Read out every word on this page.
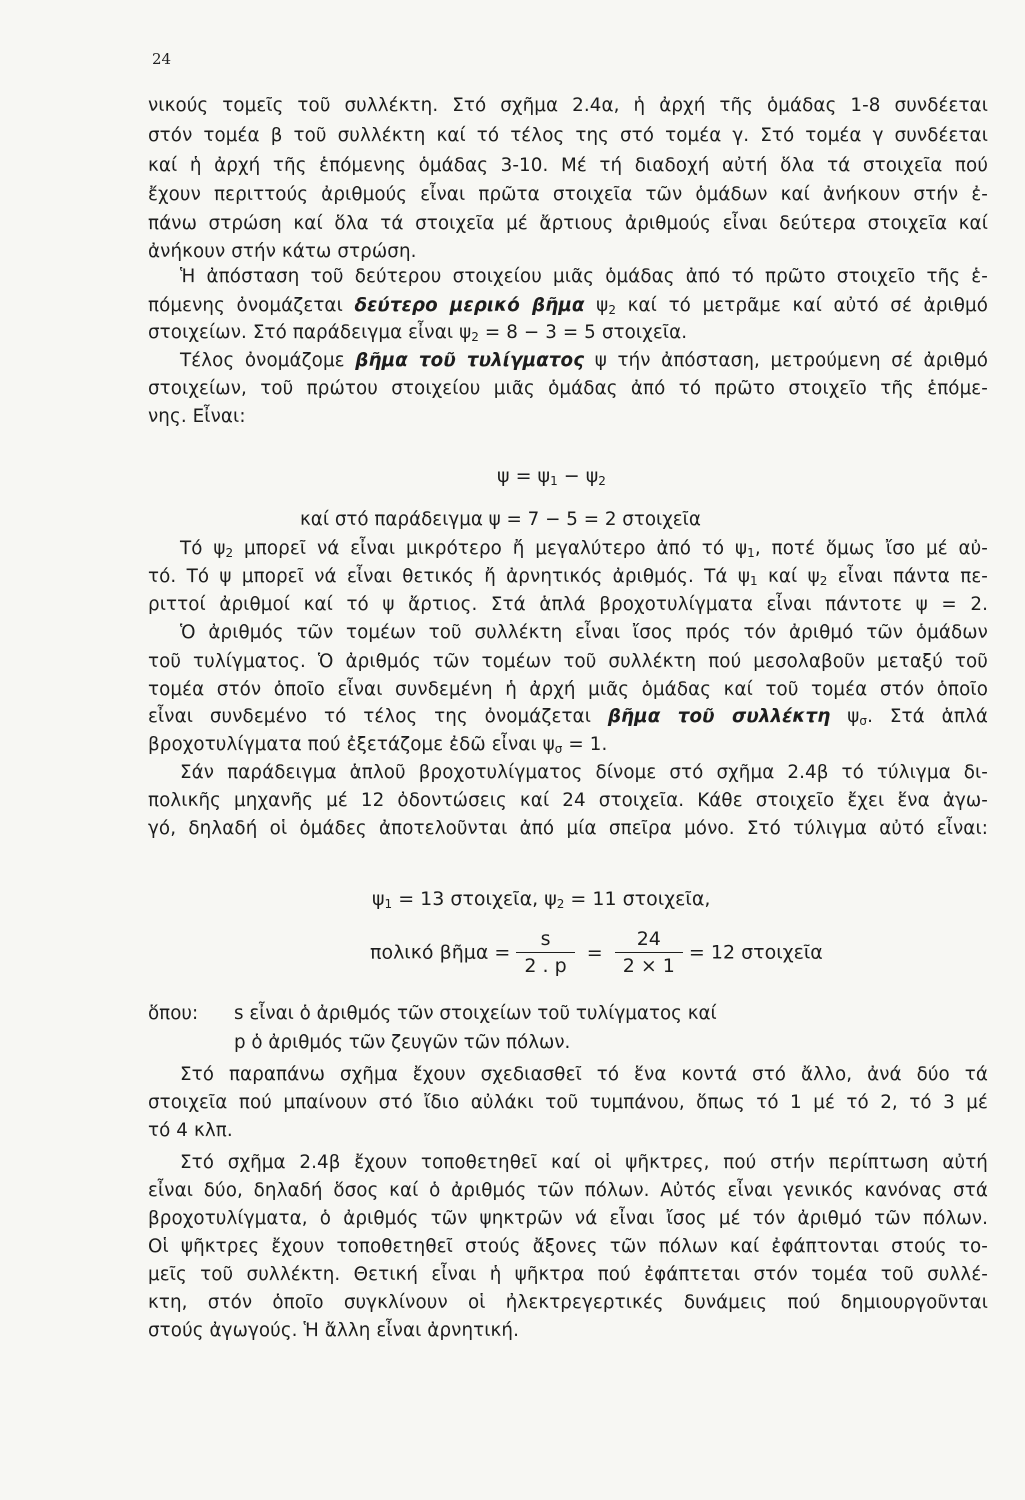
24
νικούς τομεῖς τοῦ συλλέκτη. Στό σχῆμα 2.4α, ἡ ἀρχή τῆς ὁμάδας 1-8 συνδέεται
στόν τομέα β τοῦ συλλέκτη καί τό τέλος της στό τομέα γ. Στό τομέα γ συνδέεται
καί ἡ ἀρχή τῆς ἑπόμενης ὁμάδας 3-10. Μέ τή διαδοχή αὐτή ὅλα τά στοιχεῖα πού
ἔχουν περιττούς ἀριθμούς εἶναι πρῶτα στοιχεῖα τῶν ὁμάδων καί ἀνήκουν στήν ἐ-
πάνω στρώση καί ὅλα τά στοιχεῖα μέ ἄρτιους ἀριθμούς εἶναι δεύτερα στοιχεῖα καί
ἀνήκουν στήν κάτω στρώση.
Ἡ ἀπόσταση τοῦ δεύτερου στοιχείου μιᾶς ὁμάδας ἀπό τό πρῶτο στοιχεῖο τῆς ἑ-
πόμενης ὀνομάζεται δεύτερο μερικό βῆμα $\psi_2$ καί τό μετρᾶμε καί αὐτό σέ ἀριθμό
στοιχείων. Στό παράδειγμα εἶναι $\psi_2 = 8 - 3 = 5$ στοιχεῖα.
Τέλος ὀνομάζομε βῆμα τοῦ τυλίγματος ψ τήν ἀπόσταση, μετρούμενη σέ ἀριθμό
στοιχείων, τοῦ πρώτου στοιχείου μιᾶς ὁμάδας ἀπό τό πρῶτο στοιχεῖο τῆς ἑπόμε-
νης. Εἶναι:
$\psi = \psi_1 - \psi_2$
καί στό παράδειγμα ψ = 7 − 5 = 2 στοιχεῖα
Τό $\psi_2$ μπορεῖ νά εἶναι μικρότερο ἤ μεγαλύτερο ἀπό τό $\psi_1$, ποτέ ὅμως ἴσο μέ αὐ-
τό. Τό ψ μπορεῖ νά εἶναι θετικός ἤ ἀρνητικός ἀριθμός. Τά $\psi_1$ καί $\psi_2$ εἶναι πάντα πε-
ριττοί ἀριθμοί καί τό ψ ἄρτιος. Στά ἁπλά βροχοτυλίγματα εἶναι πάντοτε ψ = 2.
Ὁ ἀριθμός τῶν τομέων τοῦ συλλέκτη εἶναι ἴσος πρός τόν ἀριθμό τῶν ὁμάδων
τοῦ τυλίγματος. Ὁ ἀριθμός τῶν τομέων τοῦ συλλέκτη πού μεσολαβοῦν μεταξύ τοῦ
τομέα στόν ὁποῖο εἶναι συνδεμένη ἡ ἀρχή μιᾶς ὁμάδας καί τοῦ τομέα στόν ὁποῖο
εἶναι συνδεμένο τό τέλος της ὀνομάζεται βῆμα τοῦ συλλέκτη $\psi_\sigma$. Στά ἁπλά
βροχοτυλίγματα πού ἐξετάζομε ἐδῶ εἶναι $\psi_\sigma = 1$.
Σάν παράδειγμα ἁπλοῦ βροχοτυλίγματος δίνομε στό σχῆμα 2.4β τό τύλιγμα δι-
πολικῆς μηχανῆς μέ 12 ὀδοντώσεις καί 24 στοιχεῖα. Κάθε στοιχεῖο ἔχει ἕνα ἀγω-
γό, δηλαδή οἱ ὁμάδες ἀποτελοῦνται ἀπό μία σπεῖρα μόνο. Στό τύλιγμα αὐτό εἶναι:
$\psi_1 = 13$ στοιχεῖα, $\psi_2 = 11$ στοιχεῖα,
πολικό βῆμα = $\frac{s}{2 . p} = \frac{24}{2 \times 1} = 12$ στοιχεῖα
ὅπου: s εἶναι ὁ ἀριθμός τῶν στοιχείων τοῦ τυλίγματος καί
p ὁ ἀριθμός τῶν ζευγῶν τῶν πόλων.
Στό παραπάνω σχῆμα ἔχουν σχεδιασθεῖ τό ἕνα κοντά στό ἄλλο, ἀνά δύο τά
στοιχεῖα πού μπαίνουν στό ἴδιο αὐλάκι τοῦ τυμπάνου, ὅπως τό 1 μέ τό 2, τό 3 μέ
τό 4 κλπ.
Στό σχῆμα 2.4β ἔχουν τοποθετηθεῖ καί οἱ ψῆκτρες, πού στήν περίπτωση αὐτή
εἶναι δύο, δηλαδή ὅσος καί ὁ ἀριθμός τῶν πόλων. Αὐτός εἶναι γενικός κανόνας στά
βροχοτυλίγματα, ὁ ἀριθμός τῶν ψηκτρῶν νά εἶναι ἴσος μέ τόν ἀριθμό τῶν πόλων.
Οἱ ψῆκτρες ἔχουν τοποθετηθεῖ στούς ἄξονες τῶν πόλων καί ἐφάπτονται στούς το-
μεῖς τοῦ συλλέκτη. Θετική εἶναι ἡ ψῆκτρα πού ἐφάπτεται στόν τομέα τοῦ συλλέ-
κτη, στόν ὁποῖο συγκλίνουν οἱ ἠλεκτρεγερτικές δυνάμεις πού δημιουργοῦνται
στούς ἀγωγούς. Ἡ ἄλλη εἶναι ἀρνητική.
